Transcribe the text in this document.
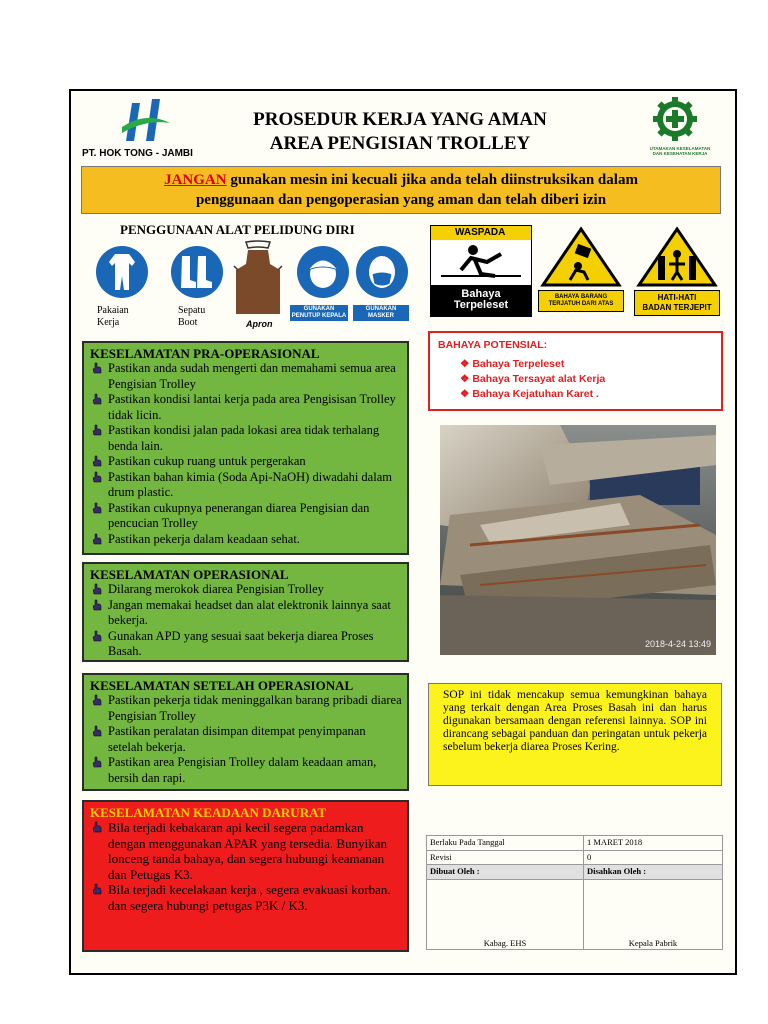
PT. HOK TONG - JAMBI
PROSEDUR KERJA YANG AMAN
AREA PENGISIAN TROLLEY	UTAMAKAN KESELAMATAN
DAN KESEHATAN KERJA
JANGAN gunakan mesin ini kecuali jika anda telah diinstruksikan dalam
penggunaan dan pengoperasian yang aman dan telah diberi izin
PENGGUNAAN ALAT PELIDUNG DIRI
Pakaian
Kerja
Sepatu
Boot	Apron
GUNAKAN
PENUTUP KEPALA
GUNAKAN
MASKER
WASPADA
Bahaya
Terpeleset
BAHAYA BARANG
TERJATUH DARI ATAS
HATI-HATI
BADAN TERJEPIT
BAHAYA POTENSIAL:
❖ Bahaya Terpeleset
❖ Bahaya Tersayat alat Kerja
❖ Bahaya Kejatuhan Karet .
KESELAMATAN PRA-OPERASIONAL
Pastikan anda sudah mengerti dan memahami semua area Pengisian Trolley
Pastikan kondisi lantai kerja pada area Pengisisan Trolley tidak licin.
Pastikan kondisi jalan pada lokasi area tidak terhalang benda lain.
Pastikan cukup ruang untuk pergerakan
Pastikan bahan kimia (Soda Api-NaOH) diwadahi dalam drum plastic.
Pastikan cukupnya penerangan diarea Pengisian dan pencucian Trolley
Pastikan pekerja dalam keadaan sehat.
KESELAMATAN OPERASIONAL
Dilarang merokok diarea Pengisian Trolley
Jangan memakai headset dan alat elektronik lainnya saat bekerja.
Gunakan APD yang sesuai saat bekerja diarea Proses Basah.
KESELAMATAN SETELAH OPERASIONAL
Pastikan pekerja tidak meninggalkan barang pribadi diarea Pengisian Trolley
Pastikan peralatan disimpan ditempat penyimpanan setelah bekerja.
Pastikan area Pengisian Trolley dalam keadaan aman, bersih dan rapi.
KESELAMATAN KEADAAN DARURAT
Bila terjadi kebakaran api kecil segera padamkan dengan menggunakan APAR yang tersedia. Bunyikan lonceng tanda bahaya, dan segera hubungi keamanan dan Petugas K3.
Bila terjadi kecelakaan kerja , segera evakuasi korban. dan segera hubungi petugas P3K / K3.
2018-4-24 13:49
SOP ini tidak mencakup semua kemungkinan bahaya yang terkait dengan Area Proses Basah ini dan harus digunakan bersamaan dengan referensi lainnya. SOP ini dirancang sebagai panduan dan peringatan untuk pekerja sebelum bekerja diarea Proses Kering.
Berlaku Pada Tanggal	1 MARET 2018
Revisi	0
Dibuat Oleh :	Disahkan Oleh :
Kabag. EHS	Kepala Pabrik
